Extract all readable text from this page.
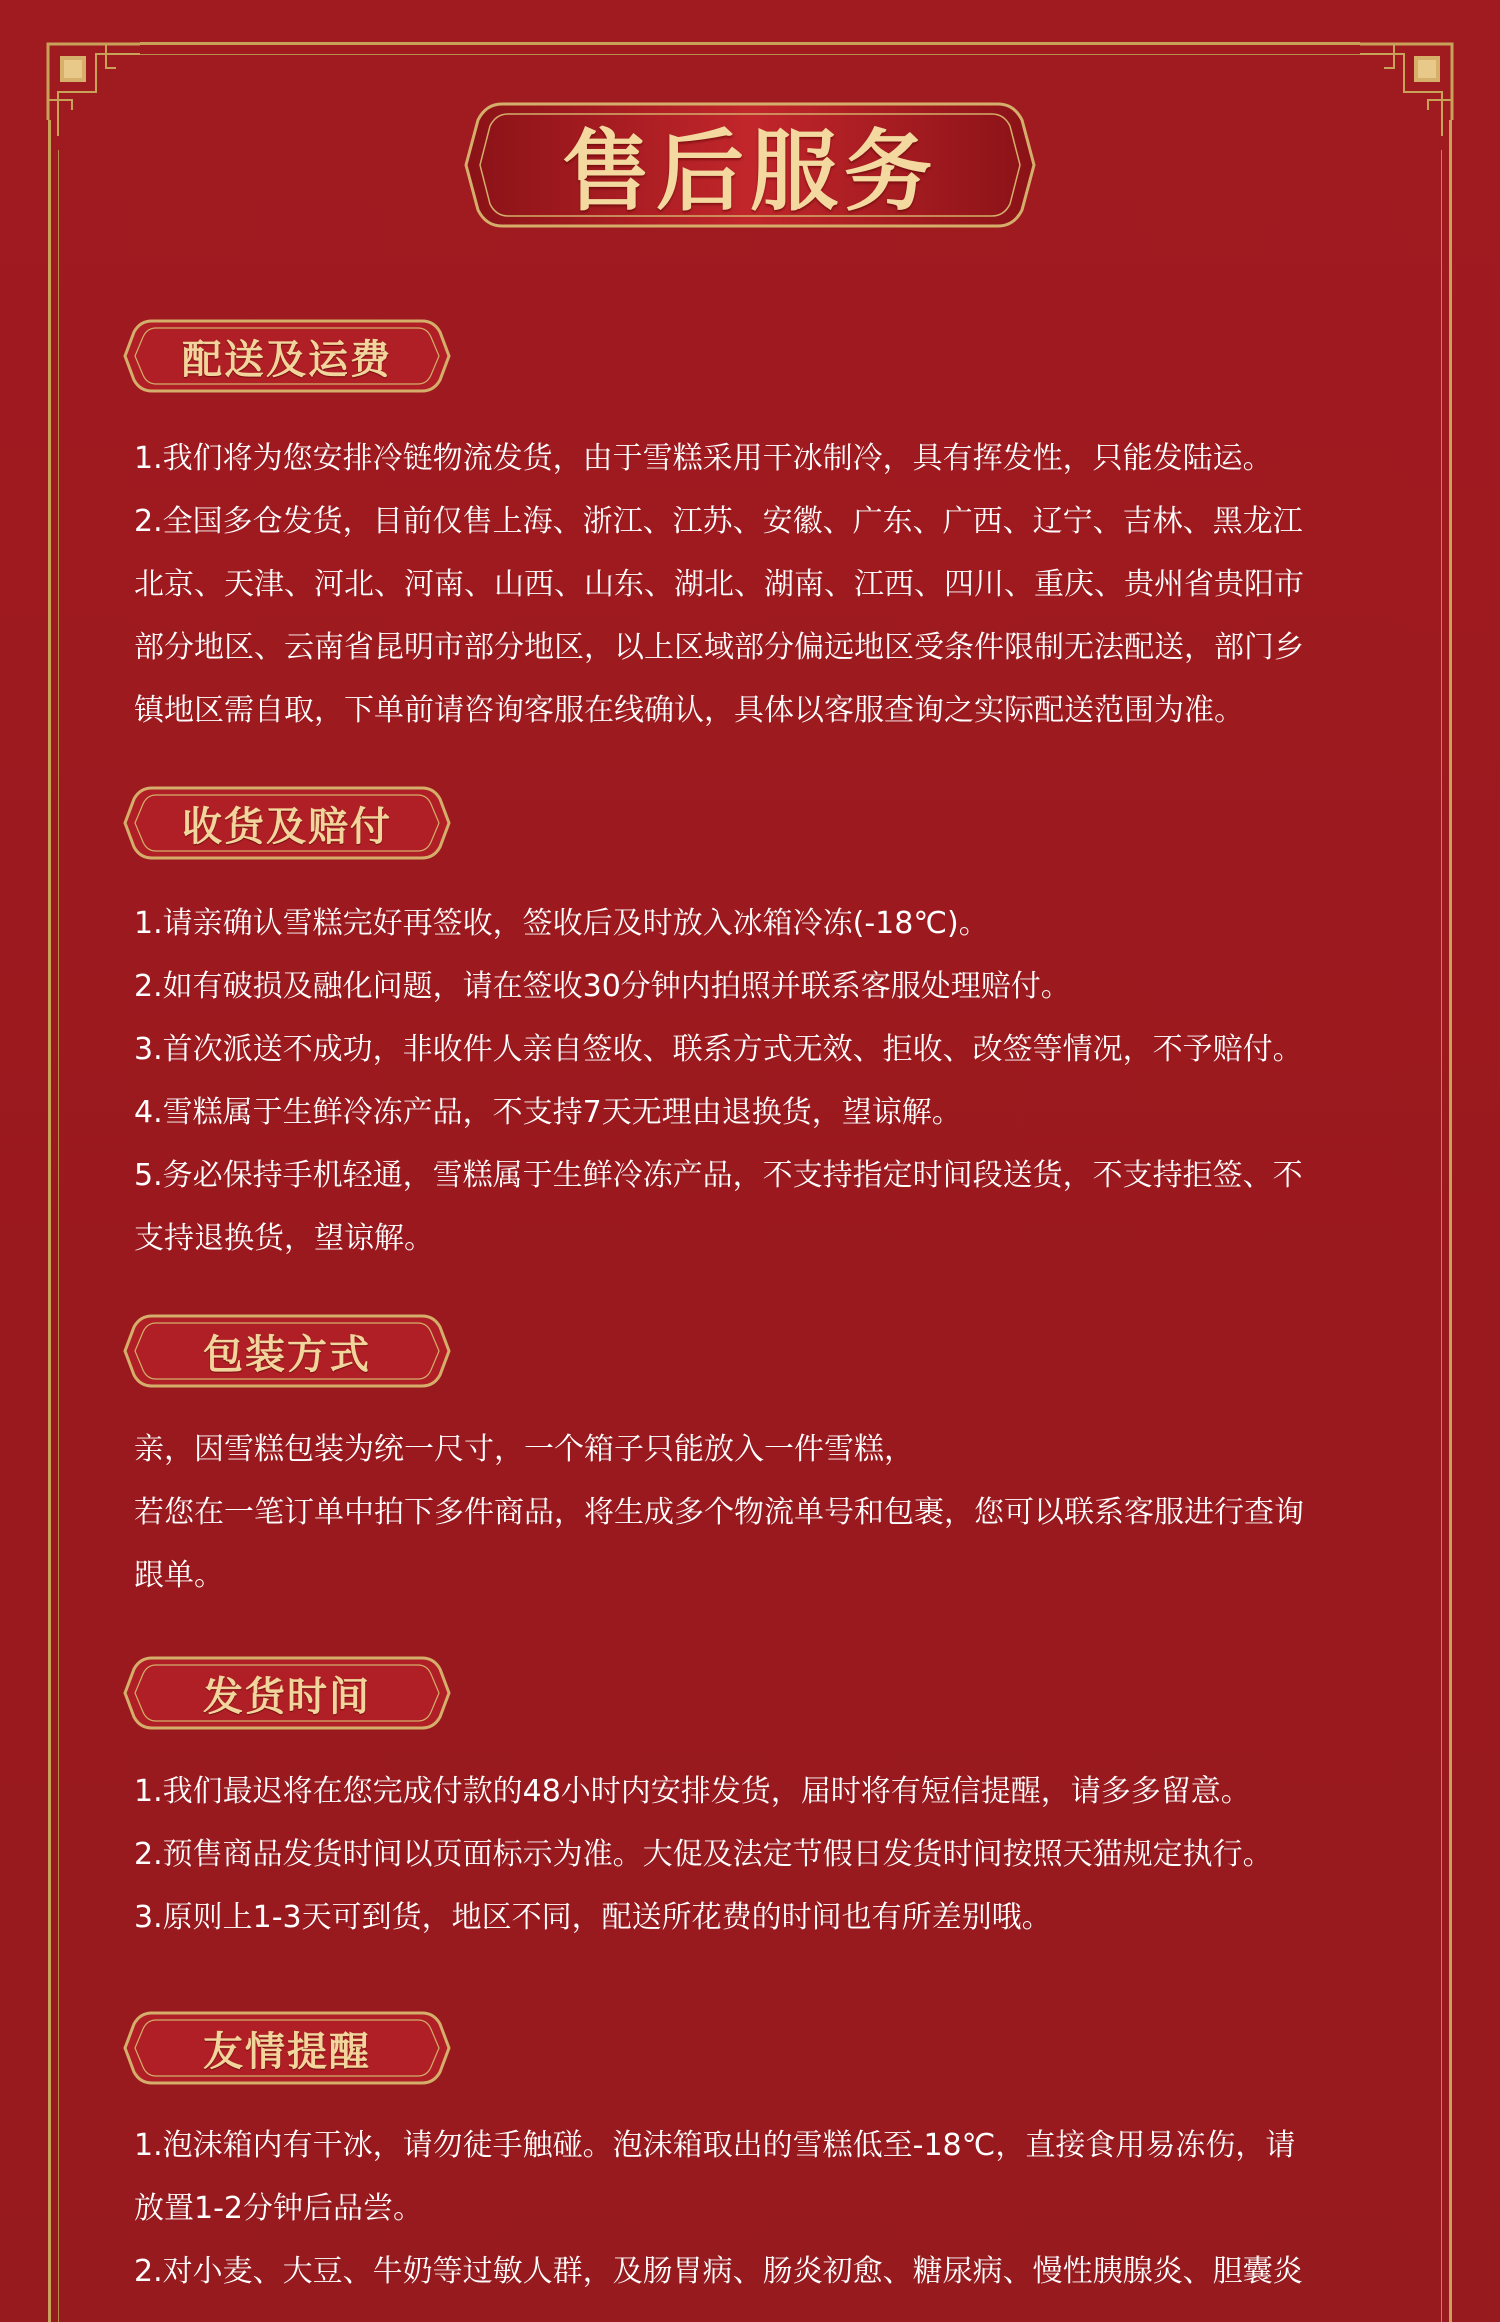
售后服务
配送及运费

1.我们将为您安排冷链物流发货，由于雪糕采用干冰制冷，具有挥发性，只能发陆运。

2.全国多仓发货，目前仅售上海、浙江、江苏、安徽、广东、广西、辽宁、吉林、黑龙江

北京、天津、河北、河南、山西、山东、湖北、湖南、江西、四川、重庆、贵州省贵阳市

部分地区、云南省昆明市部分地区，以上区域部分偏远地区受条件限制无法配送，部门乡

镇地区需自取，下单前请咨询客服在线确认，具体以客服查询之实际配送范围为准。

收货及赔付

1.请亲确认雪糕完好再签收，签收后及时放入冰箱冷冻(-18℃)。

2.如有破损及融化问题，请在签收30分钟内拍照并联系客服处理赔付。

3.首次派送不成功，非收件人亲自签收、联系方式无效、拒收、改签等情况，不予赔付。

4.雪糕属于生鲜冷冻产品，不支持7天无理由退换货，望谅解。

5.务必保持手机轻通，雪糕属于生鲜冷冻产品，不支持指定时间段送货，不支持拒签、不

支持退换货，望谅解。

包装方式

亲，因雪糕包装为统一尺寸，一个箱子只能放入一件雪糕，

若您在一笔订单中拍下多件商品，将生成多个物流单号和包裹，您可以联系客服进行查询

跟单。

发货时间

1.我们最迟将在您完成付款的48小时内安排发货，届时将有短信提醒，请多多留意。

2.预售商品发货时间以页面标示为准。大促及法定节假日发货时间按照天猫规定执行。

3.原则上1-3天可到货，地区不同，配送所花费的时间也有所差别哦。

友情提醒

1.泡沫箱内有干冰，请勿徒手触碰。泡沫箱取出的雪糕低至-18℃，直接食用易冻伤，请

放置1-2分钟后品尝。

2.对小麦、大豆、牛奶等过敏人群，及肠胃病、肠炎初愈、糖尿病、慢性胰腺炎、胆囊炎
